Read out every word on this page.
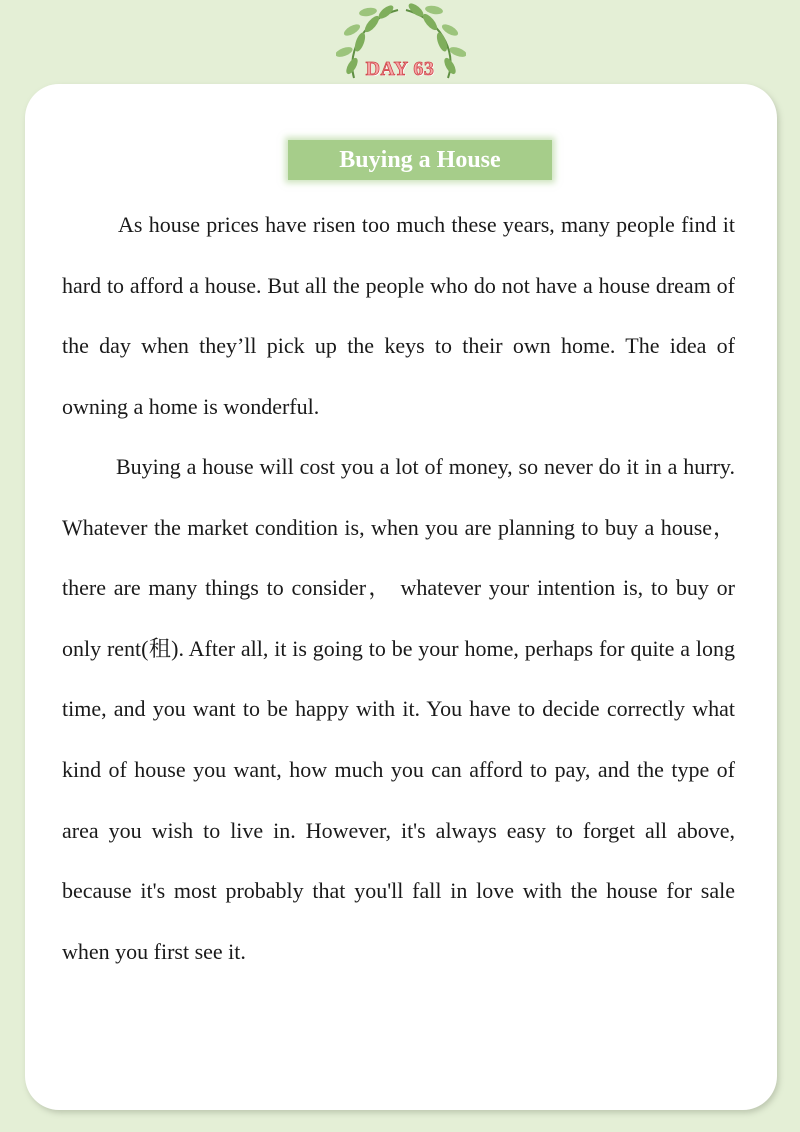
DAY 63
Buying a House

As house prices have risen too much these years, many people find it hard to afford a house. But all the people who do not have a house dream of the day when they’ll pick up the keys to their own home. The idea of owning a home is wonderful.

Buying a house will cost you a lot of money, so never do it in a hurry. Whatever the market condition is, when you are planning to buy a house， there are many things to consider， whatever your intention is, to buy or only rent(租). After all, it is going to be your home, perhaps for quite a long time, and you want to be happy with it. You have to decide correctly what kind of house you want, how much you can afford to pay, and the type of area you wish to live in. However, it's always easy to forget all above, because it's most probably that you'll fall in love with the house for sale when you first see it.
